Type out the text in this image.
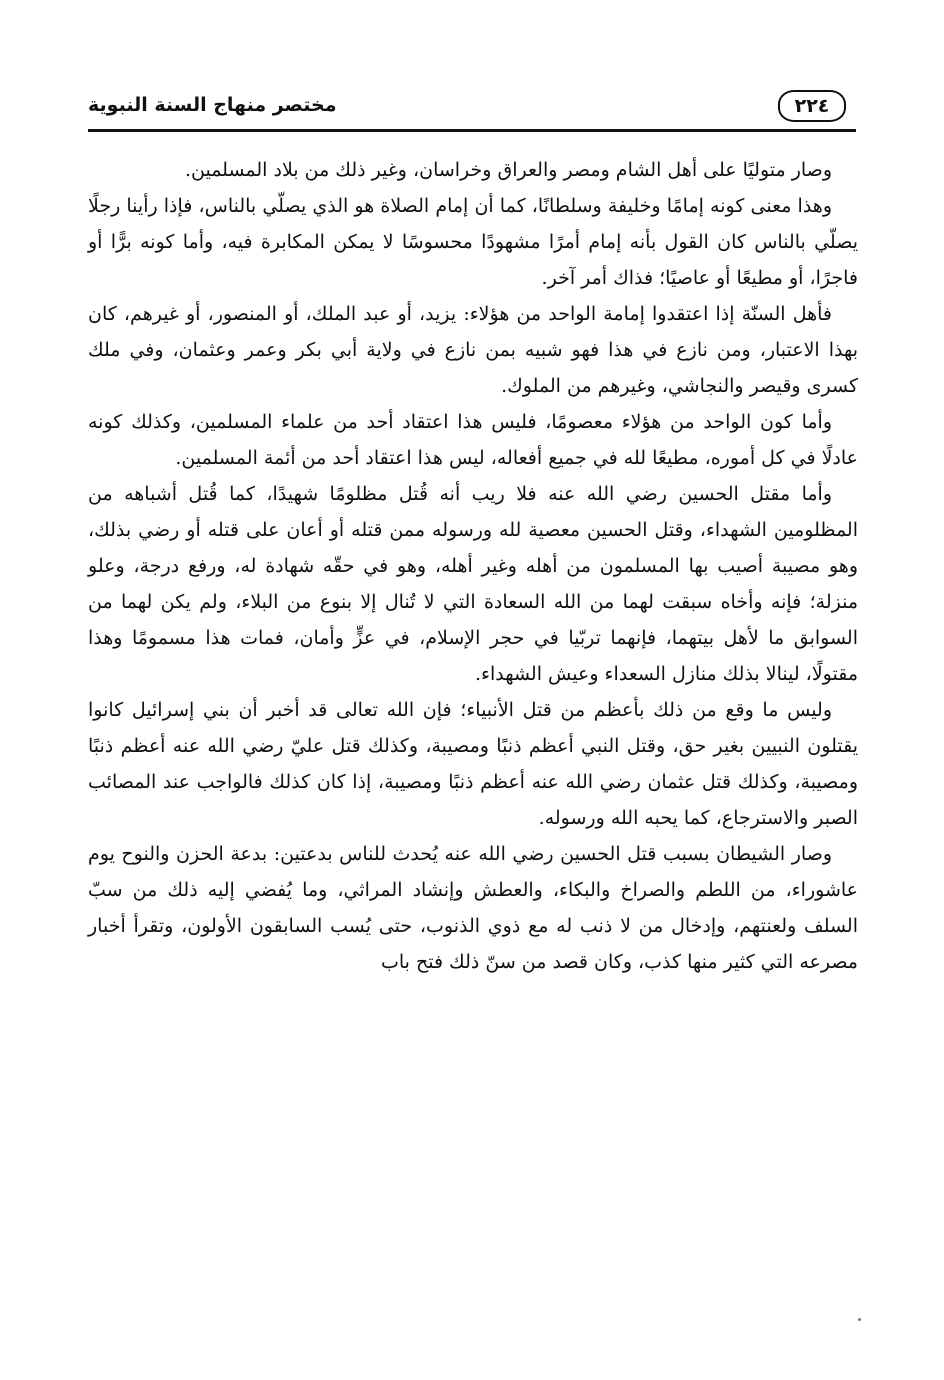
مختصر منهاج السنة النبوية	٢٢٤

وصار متوليًا على أهل الشام ومصر والعراق وخراسان، وغير ذلك من بلاد المسلمين.

وهذا معنى كونه إمامًا وخليفة وسلطانًا، كما أن إمام الصلاة هو الذي يصلّي بالناس، فإذا رأينا رجلًا يصلّي بالناس كان القول بأنه إمام أمرًا مشهودًا محسوسًا لا يمكن المكابرة فيه، وأما كونه برًّا أو فاجرًا، أو مطيعًا أو عاصيًا؛ فذاك أمر آخر.

فأهل السنّة إذا اعتقدوا إمامة الواحد من هؤلاء: يزيد، أو عبد الملك، أو المنصور، أو غيرهم، كان بهذا الاعتبار، ومن نازع في هذا فهو شبيه بمن نازع في ولاية أبي بكر وعمر وعثمان، وفي ملك كسرى وقيصر والنجاشي، وغيرهم من الملوك.

وأما كون الواحد من هؤلاء معصومًا، فليس هذا اعتقاد أحد من علماء المسلمين، وكذلك كونه عادلًا في كل أموره، مطيعًا لله في جميع أفعاله، ليس هذا اعتقاد أحد من أئمة المسلمين.

وأما مقتل الحسين رضي الله عنه فلا ريب أنه قُتل مظلومًا شهيدًا، كما قُتل أشباهه من المظلومين الشهداء، وقتل الحسين معصية لله ورسوله ممن قتله أو أعان على قتله أو رضي بذلك، وهو مصيبة أصيب بها المسلمون من أهله وغير أهله، وهو في حقّه شهادة له، ورفع درجة، وعلو منزلة؛ فإنه وأخاه سبقت لهما من الله السعادة التي لا تُنال إلا بنوع من البلاء، ولم يكن لهما من السوابق ما لأهل بيتهما، فإنهما تربّيا في حجر الإسلام، في عزٍّ وأمان، فمات هذا مسمومًا وهذا مقتولًا، لينالا بذلك منازل السعداء وعيش الشهداء.

وليس ما وقع من ذلك بأعظم من قتل الأنبياء؛ فإن الله تعالى قد أخبر أن بني إسرائيل كانوا يقتلون النبيين بغير حق، وقتل النبي أعظم ذنبًا ومصيبة، وكذلك قتل عليّ رضي الله عنه أعظم ذنبًا ومصيبة، وكذلك قتل عثمان رضي الله عنه أعظم ذنبًا ومصيبة، إذا كان كذلك فالواجب عند المصائب الصبر والاسترجاع، كما يحبه الله ورسوله.

وصار الشيطان بسبب قتل الحسين رضي الله عنه يُحدث للناس بدعتين: بدعة الحزن والنوح يوم عاشوراء، من اللطم والصراخ والبكاء، والعطش وإنشاد المراثي، وما يُفضي إليه ذلك من سبّ السلف ولعنتهم، وإدخال من لا ذنب له مع ذوي الذنوب، حتى يُسب السابقون الأولون، وتقرأ أخبار مصرعه التي كثير منها كذب، وكان قصد من سنّ ذلك فتح باب
